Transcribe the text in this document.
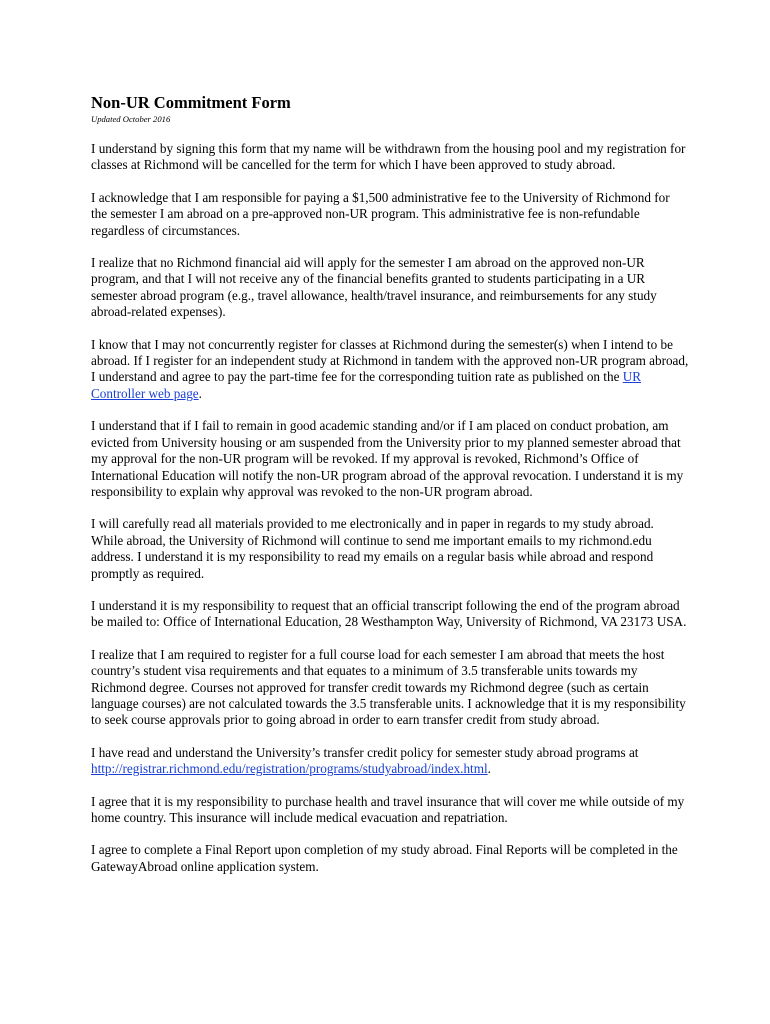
Non-UR Commitment Form
Updated October 2016

I understand by signing this form that my name will be withdrawn from the housing pool and my registration for classes at Richmond will be cancelled for the term for which I have been approved to study abroad.

I acknowledge that I am responsible for paying a $1,500 administrative fee to the University of Richmond for the semester I am abroad on a pre-approved non-UR program. This administrative fee is non-refundable regardless of circumstances.

I realize that no Richmond financial aid will apply for the semester I am abroad on the approved non-UR program, and that I will not receive any of the financial benefits granted to students participating in a UR semester abroad program (e.g., travel allowance, health/travel insurance, and reimbursements for any study abroad-related expenses).

I know that I may not concurrently register for classes at Richmond during the semester(s) when I intend to be abroad. If I register for an independent study at Richmond in tandem with the approved non-UR program abroad, I understand and agree to pay the part-time fee for the corresponding tuition rate as published on the UR Controller web page.

I understand that if I fail to remain in good academic standing and/or if I am placed on conduct probation, am evicted from University housing or am suspended from the University prior to my planned semester abroad that my approval for the non-UR program will be revoked. If my approval is revoked, Richmond’s Office of International Education will notify the non-UR program abroad of the approval revocation. I understand it is my responsibility to explain why approval was revoked to the non-UR program abroad.

I will carefully read all materials provided to me electronically and in paper in regards to my study abroad. While abroad, the University of Richmond will continue to send me important emails to my richmond.edu address. I understand it is my responsibility to read my emails on a regular basis while abroad and respond promptly as required.

I understand it is my responsibility to request that an official transcript following the end of the program abroad be mailed to: Office of International Education, 28 Westhampton Way, University of Richmond, VA 23173 USA.

I realize that I am required to register for a full course load for each semester I am abroad that meets the host country’s student visa requirements and that equates to a minimum of 3.5 transferable units towards my Richmond degree. Courses not approved for transfer credit towards my Richmond degree (such as certain language courses) are not calculated towards the 3.5 transferable units. I acknowledge that it is my responsibility to seek course approvals prior to going abroad in order to earn transfer credit from study abroad.

I have read and understand the University’s transfer credit policy for semester study abroad programs at http://registrar.richmond.edu/registration/programs/studyabroad/index.html.

I agree that it is my responsibility to purchase health and travel insurance that will cover me while outside of my home country. This insurance will include medical evacuation and repatriation.

I agree to complete a Final Report upon completion of my study abroad. Final Reports will be completed in the GatewayAbroad online application system.
